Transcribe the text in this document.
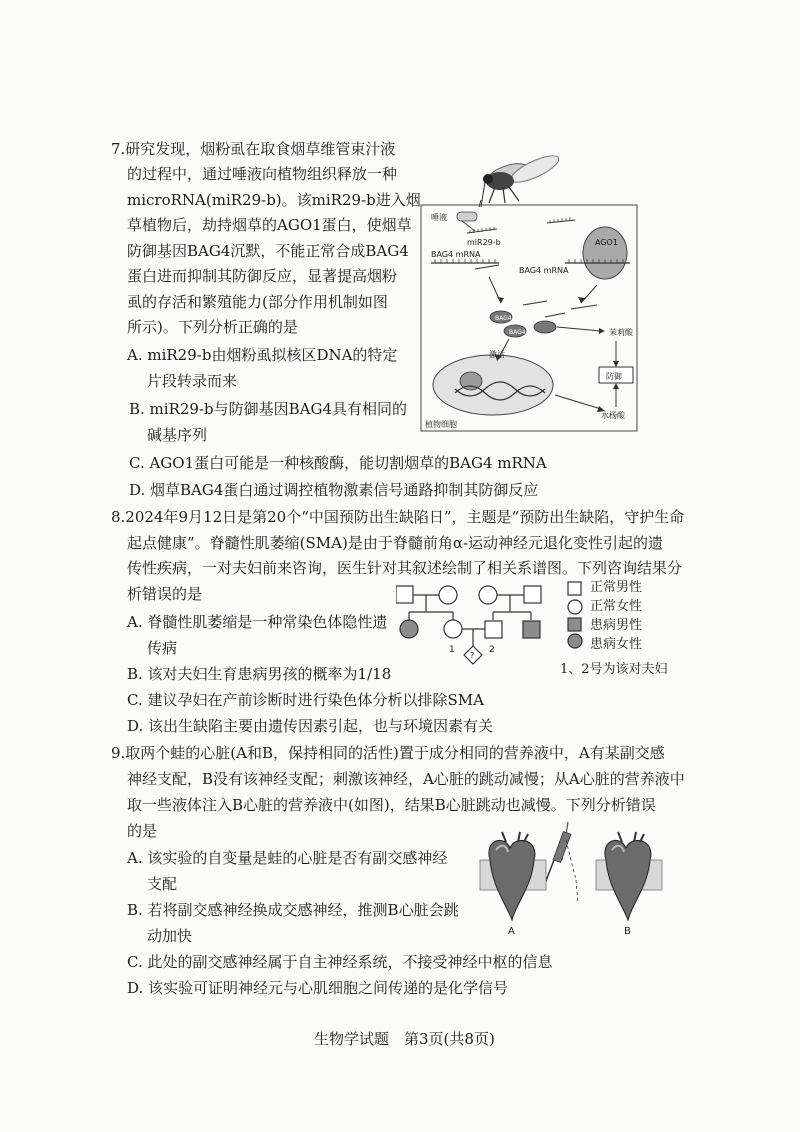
7.研究发现，烟粉虱在取食烟草维管束汁液
的过程中，通过唾液向植物组织释放一种
microRNA(miR29-b)。该miR29-b进入烟
草植物后，劫持烟草的AGO1蛋白，使烟草
防御基因BAG4沉默，不能正常合成BAG4
蛋白进而抑制其防御反应，显著提高烟粉
虱的存活和繁殖能力(部分作用机制如图
所示)。下列分析正确的是
A. miR29-b由烟粉虱拟核区DNA的特定
片段转录而来
B. miR29-b与防御基因BAG4具有相同的
碱基序列
C. AGO1蛋白可能是一种核酸酶，能切割烟草的BAG4 mRNA
D. 烟草BAG4蛋白通过调控植物激素信号通路抑制其防御反应
唾液
miR29-b
BAG4 mRNA
AGO1
BAG4 mRNA
BAG4
BAG4	茉莉酸
激活
防御
水杨酸
植物细胞
8.2024年9月12日是第20个“中国预防出生缺陷日”，主题是“预防出生缺陷，守护生命
起点健康”。脊髓性肌萎缩(SMA)是由于脊髓前角α-运动神经元退化变性引起的遗
传性疾病，一对夫妇前来咨询，医生针对其叙述绘制了相关系谱图。下列咨询结果分
析错误的是
A. 脊髓性肌萎缩是一种常染色体隐性遗
传病
B. 该对夫妇生育患病男孩的概率为1/18
C. 建议孕妇在产前诊断时进行染色体分析以排除SMA
D. 该出生缺陷主要由遗传因素引起，也与环境因素有关
1	2
?
正常男性
正常女性
患病男性
患病女性
1、2号为该对夫妇
9.取两个蛙的心脏(A和B，保持相同的活性)置于成分相同的营养液中，A有某副交感
神经支配，B没有该神经支配；刺激该神经，A心脏的跳动减慢；从A心脏的营养液中
取一些液体注入B心脏的营养液中(如图)，结果B心脏跳动也减慢。下列分析错误
的是
A. 该实验的自变量是蛙的心脏是否有副交感神经
支配
B. 若将副交感神经换成交感神经，推测B心脏会跳
动加快
C. 此处的副交感神经属于自主神经系统，不接受神经中枢的信息
D. 该实验可证明神经元与心肌细胞之间传递的是化学信号
A	B
生物学试题　第3页(共8页)
